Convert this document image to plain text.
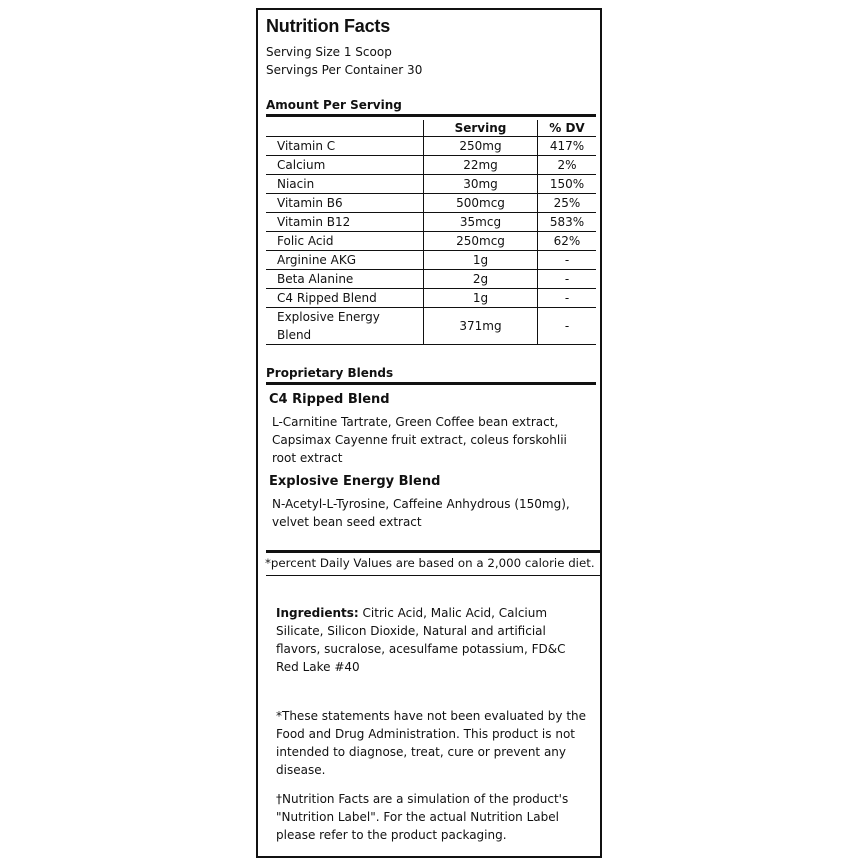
Nutrition Facts
Serving Size 1 Scoop
Servings Per Container 30
Amount Per Serving
	Serving	% DV
Vitamin C	250mg	417%
Calcium	22mg	2%
Niacin	30mg	150%
Vitamin B6	500mcg	25%
Vitamin B12	35mcg	583%
Folic Acid	250mcg	62%
Arginine AKG	1g	-
Beta Alanine	2g	-
C4 Ripped Blend	1g	-
Explosive Energy Blend	371mg	-
Proprietary Blends
C4 Ripped Blend
L-Carnitine Tartrate, Green Coffee bean extract, Capsimax Cayenne fruit extract, coleus forskohlii root extract
Explosive Energy Blend
N-Acetyl-L-Tyrosine, Caffeine Anhydrous (150mg), velvet bean seed extract
*percent Daily Values are based on a 2,000 calorie diet.
Ingredients: Citric Acid, Malic Acid, Calcium Silicate, Silicon Dioxide, Natural and artificial flavors, sucralose, acesulfame potassium, FD&C Red Lake #40
*These statements have not been evaluated by the Food and Drug Administration. This product is not intended to diagnose, treat, cure or prevent any disease.
†Nutrition Facts are a simulation of the product's "Nutrition Label". For the actual Nutrition Label please refer to the product packaging.
